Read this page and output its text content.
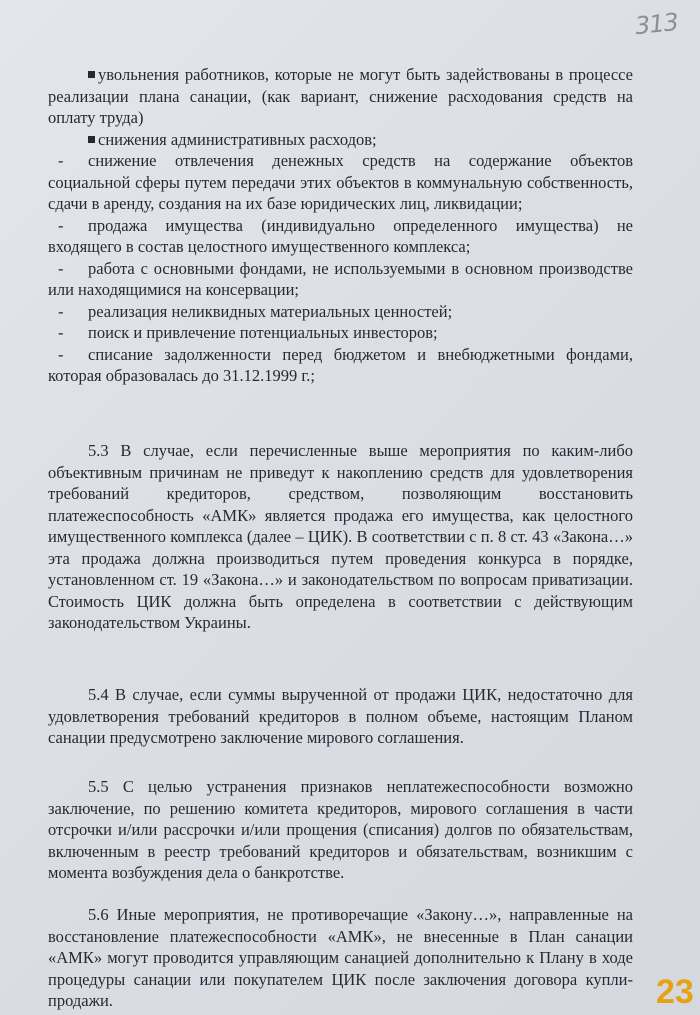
313

увольнения работников, которые не могут быть задействованы в процессе реализации плана санации, (как вариант, снижение расходования средств на оплату труда)

снижения административных расходов;

- снижение отвлечения денежных средств на содержание объектов социальной сферы путем передачи этих объектов в коммунальную собственность, сдачи в аренду, создания на их базе юридических лиц, ликвидации;

- продажа имущества (индивидуально определенного имущества) не входящего в состав целостного имущественного комплекса;

- работа с основными фондами, не используемыми в основном производстве или находящимися на консервации;

- реализация неликвидных материальных ценностей;

- поиск и привлечение потенциальных инвесторов;

- списание задолженности перед бюджетом и внебюджетными фондами, которая образовалась до 31.12.1999 г.;

5.3 В случае, если перечисленные выше мероприятия по каким-либо объективным причинам не приведут к накоплению средств для удовлетворения требований кредиторов, средством, позволяющим восстановить платежеспособность «АМК» является продажа его имущества, как целостного имущественного комплекса (далее – ЦИК). В соответствии с п. 8 ст. 43 «Закона…» эта продажа должна производиться путем проведения конкурса в порядке, установленном ст. 19 «Закона…» и законодательством по вопросам приватизации. Стоимость ЦИК должна быть определена в соответствии с действующим законодательством Украины.

5.4 В случае, если суммы вырученной от продажи ЦИК, недостаточно для удовлетворения требований кредиторов в полном объеме, настоящим Планом санации предусмотрено заключение мирового соглашения.

5.5 С целью устранения признаков неплатежеспособности возможно заключение, по решению комитета кредиторов, мирового соглашения в части отсрочки и/или рассрочки и/или прощения (списания) долгов по обязательствам, включенным в реестр требований кредиторов и обязательствам, возникшим с момента возбуждения дела о банкротстве.

5.6 Иные мероприятия, не противоречащие «Закону…», направленные на восстановление платежеспособности «АМК», не внесенные в План санации «АМК» могут проводится управляющим санацией дополнительно к Плану в ходе процедуры санации или покупателем ЦИК после заключения договора купли-продажи.	23
